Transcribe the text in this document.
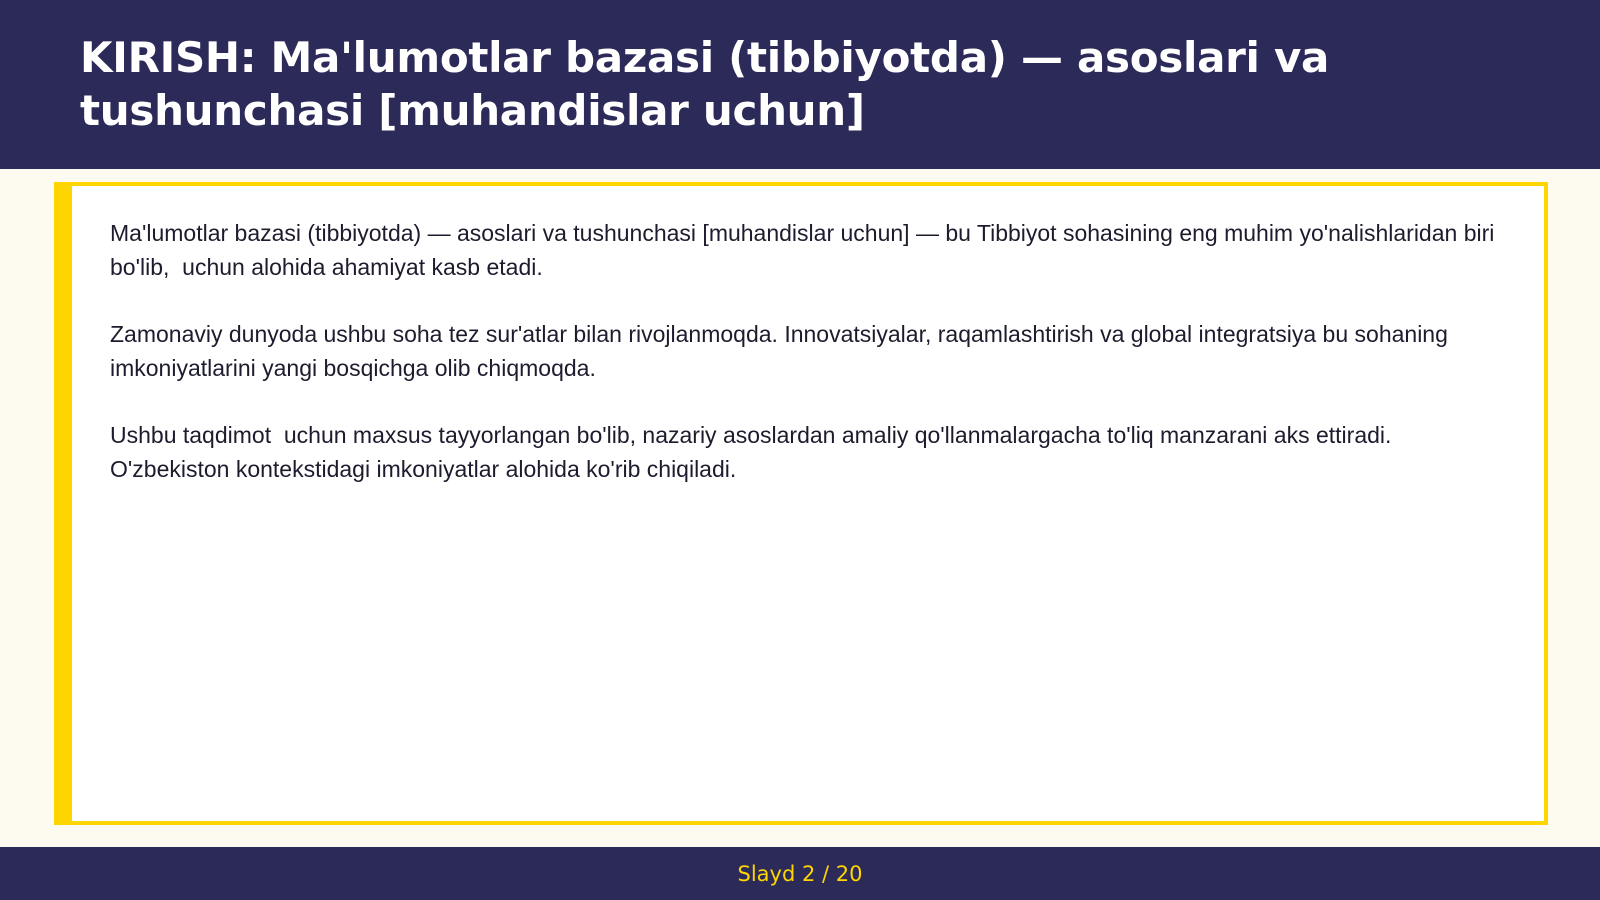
KIRISH: Ma'lumotlar bazasi (tibbiyotda) — asoslari va tushunchasi [muhandislar uchun]

Ma'lumotlar bazasi (tibbiyotda) — asoslari va tushunchasi [muhandislar uchun] — bu Tibbiyot sohasining eng muhim yo'nalishlaridan biri bo'lib,  uchun alohida ahamiyat kasb etadi.

Zamonaviy dunyoda ushbu soha tez sur'atlar bilan rivojlanmoqda. Innovatsiyalar, raqamlashtirish va global integratsiya bu sohaning imkoniyatlarini yangi bosqichga olib chiqmoqda.

Ushbu taqdimot  uchun maxsus tayyorlangan bo'lib, nazariy asoslardan amaliy qo'llanmalargacha to'liq manzarani aks ettiradi. O'zbekiston kontekstidagi imkoniyatlar alohida ko'rib chiqiladi.

Slayd 2 / 20
